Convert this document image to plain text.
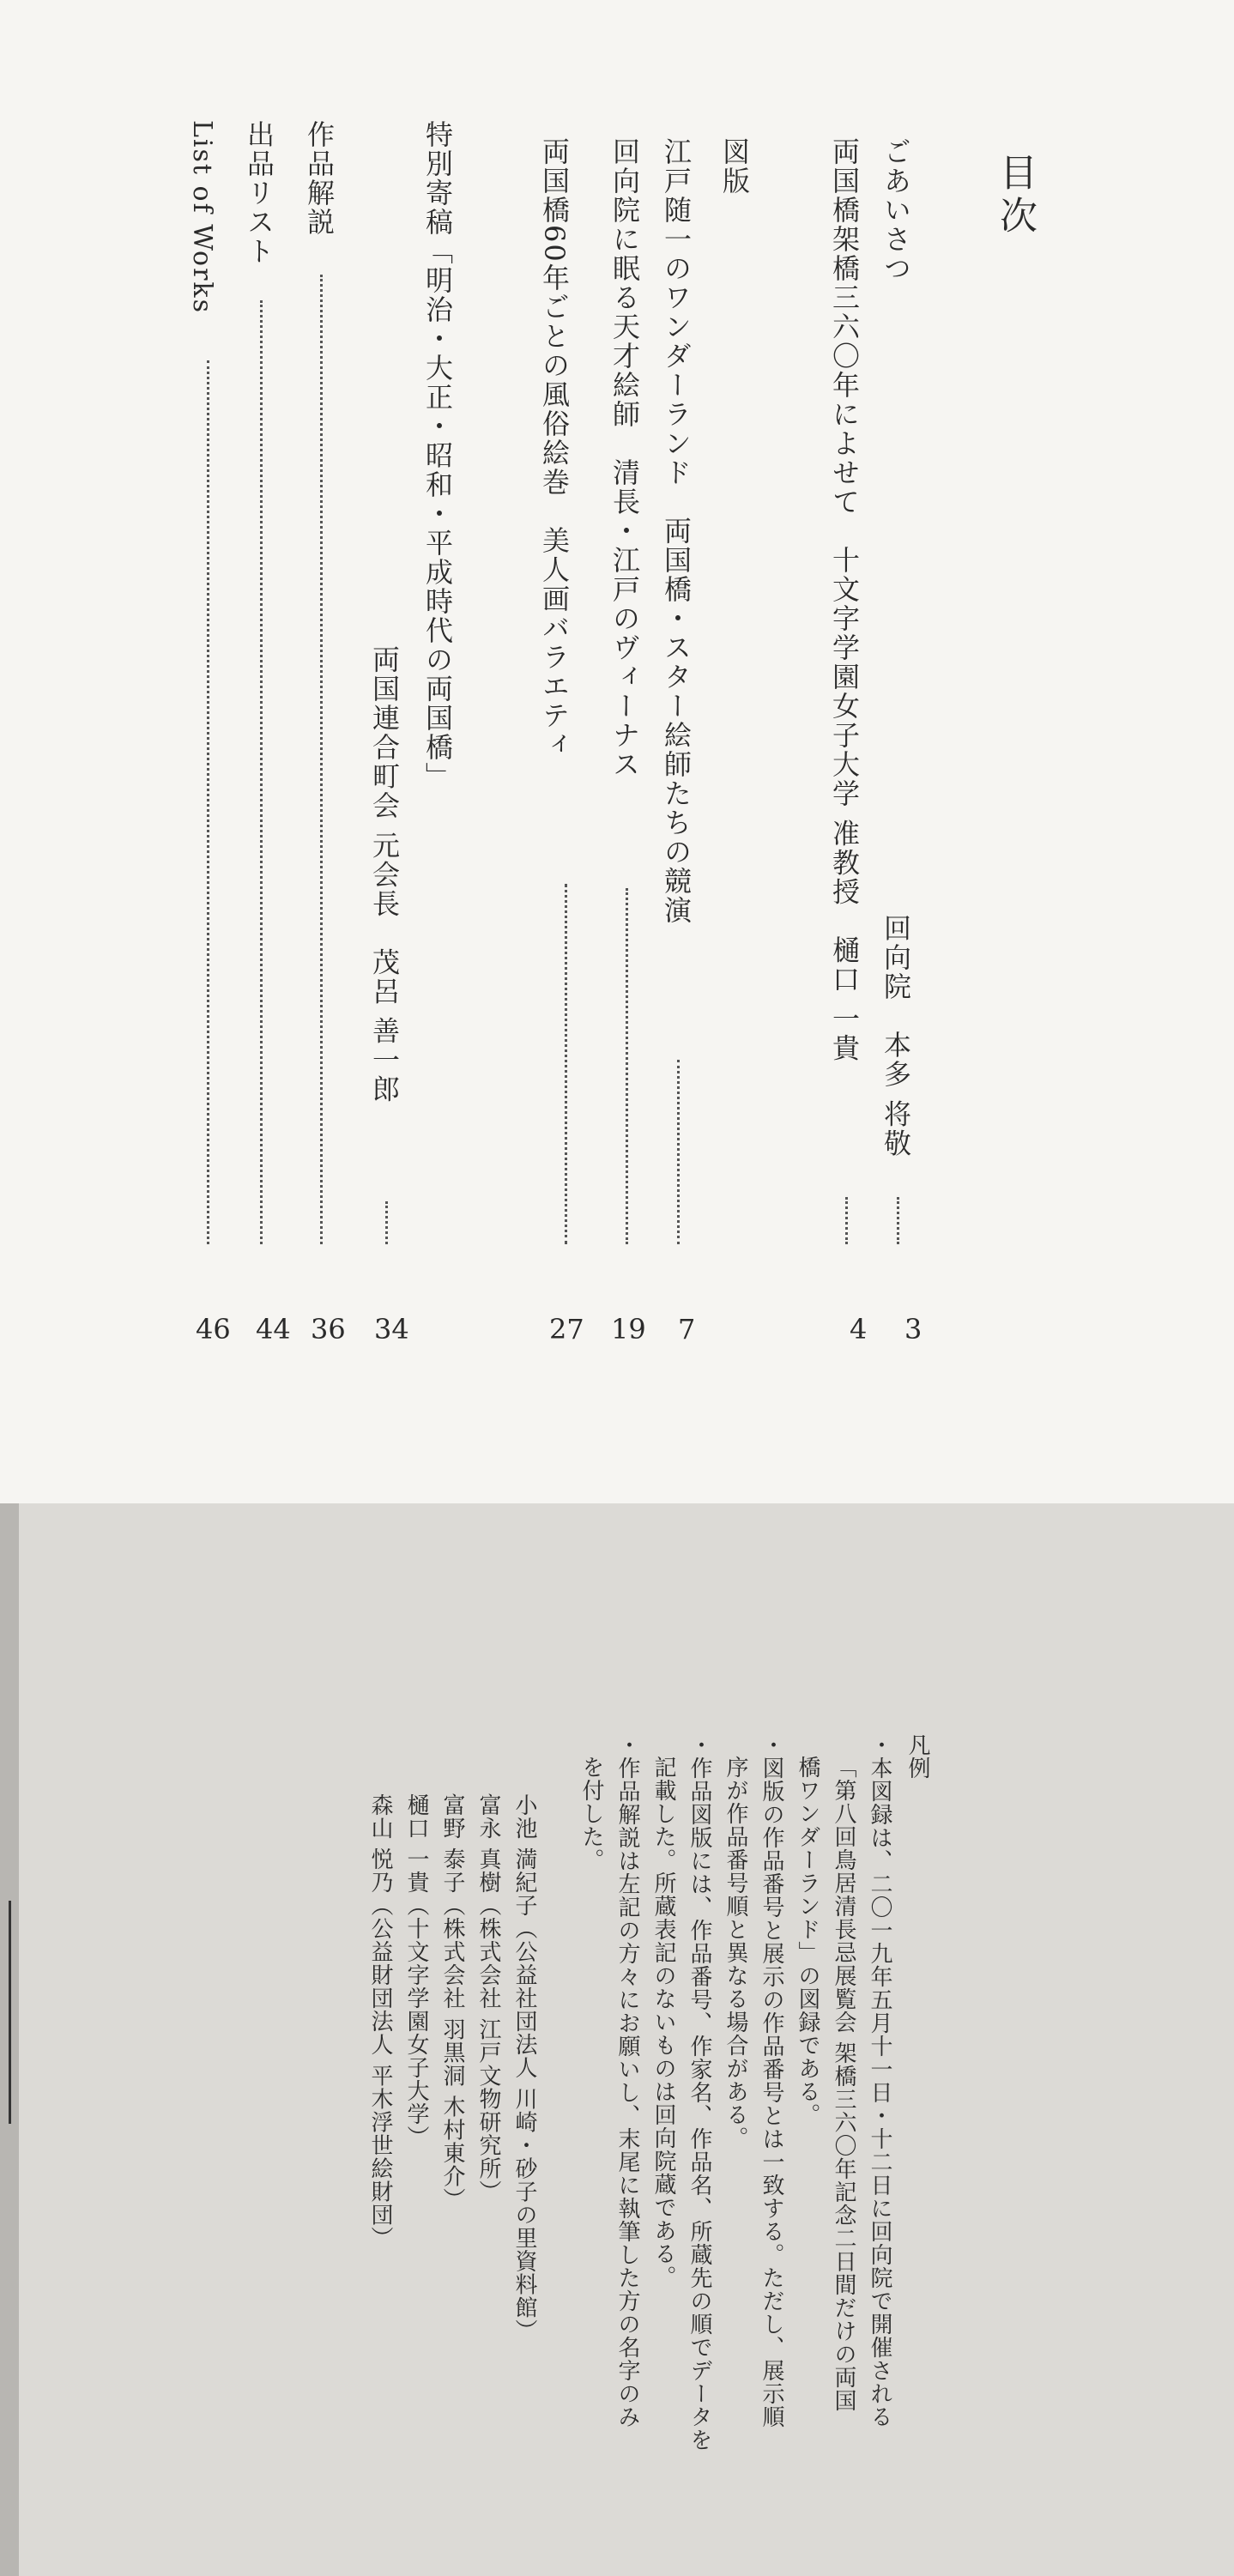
目次
ごあいさつ
回向院　本多 将敬
3
両国橋架橋三六〇年によせて　十文字学園女子大学 准教授　樋口 一貴
4
図版
江戸随一のワンダーランド　両国橋・スター絵師たちの競演
7
回向院に眠る天才絵師　清長・江戸のヴィーナス
19
両国橋60年ごとの風俗絵巻　美人画バラエティ
27
特別寄稿「明治・大正・昭和・平成時代の両国橋」
両国連合町会 元会長　茂呂 善一郎
34
作品解説
36
出品リスト
44
List of Works
46
凡例
・本図録は、二〇一九年五月十一日・十二日に回向院で開催される
「第八回鳥居清長忌展覧会 架橋三六〇年記念二日間だけの両国
橋ワンダーランド」の図録である。
・図版の作品番号と展示の作品番号とは一致する。ただし、展示順
序が作品番号順と異なる場合がある。
・作品図版には、作品番号、作家名、作品名、所蔵先の順でデータを
記載した。所蔵表記のないものは回向院蔵である。
・作品解説は左記の方々にお願いし、末尾に執筆した方の名字のみ
を付した。
小池 満紀子（公益社団法人 川崎・砂子の里資料館）
富永 真樹（株式会社 江戸文物研究所）
富野 泰子（株式会社 羽黒洞 木村東介）
樋口 一貴（十文字学園女子大学）
森山 悦乃（公益財団法人 平木浮世絵財団）
